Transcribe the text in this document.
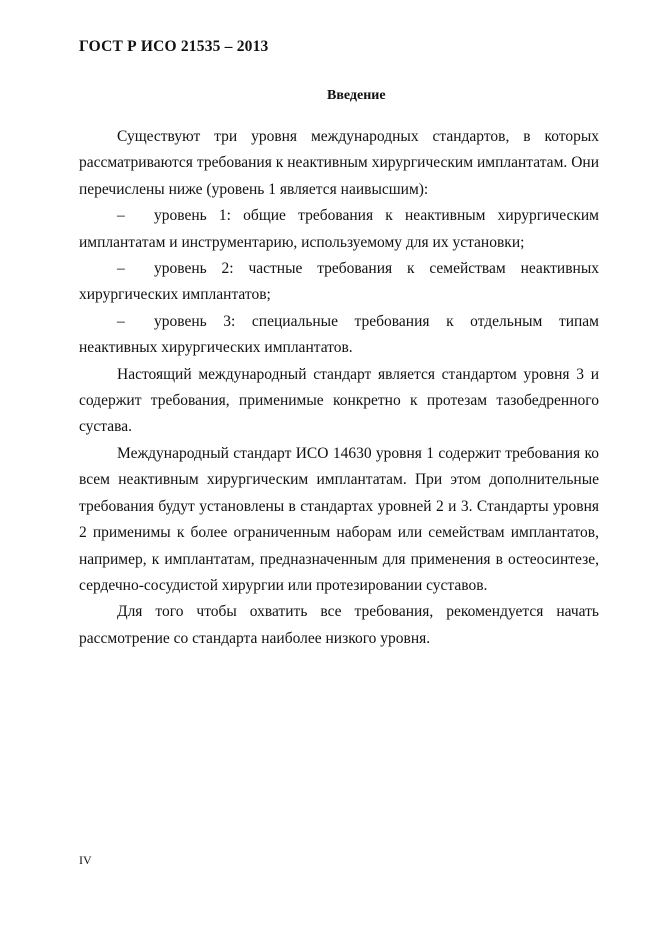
ГОСТ Р ИСО 21535 – 2013
Введение

Существуют три уровня международных стандартов, в которых рассматриваются требования к неактивным хирургическим имплантатам. Они перечислены ниже (уровень 1 является наивысшим):

– уровень 1: общие требования к неактивным хирургическим имплантатам и инструментарию, используемому для их установки;

– уровень 2: частные требования к семействам неактивных хирургических имплантатов;

– уровень 3: специальные требования к отдельным типам неактивных хирургических имплантатов.

Настоящий международный стандарт является стандартом уровня 3 и содержит требования, применимые конкретно к протезам тазобедренного сустава.

Международный стандарт ИСО 14630 уровня 1 содержит требования ко всем неактивным хирургическим имплантатам. При этом дополнительные требования будут установлены в стандартах уровней 2 и 3. Стандарты уровня 2 применимы к более ограниченным наборам или семействам имплантатов, например, к имплантатам, предназначенным для применения в остеосинтезе, сердечно-сосудистой хирургии или протезировании суставов.

Для того чтобы охватить все требования, рекомендуется начать рассмотрение со стандарта наиболее низкого уровня.

IV
